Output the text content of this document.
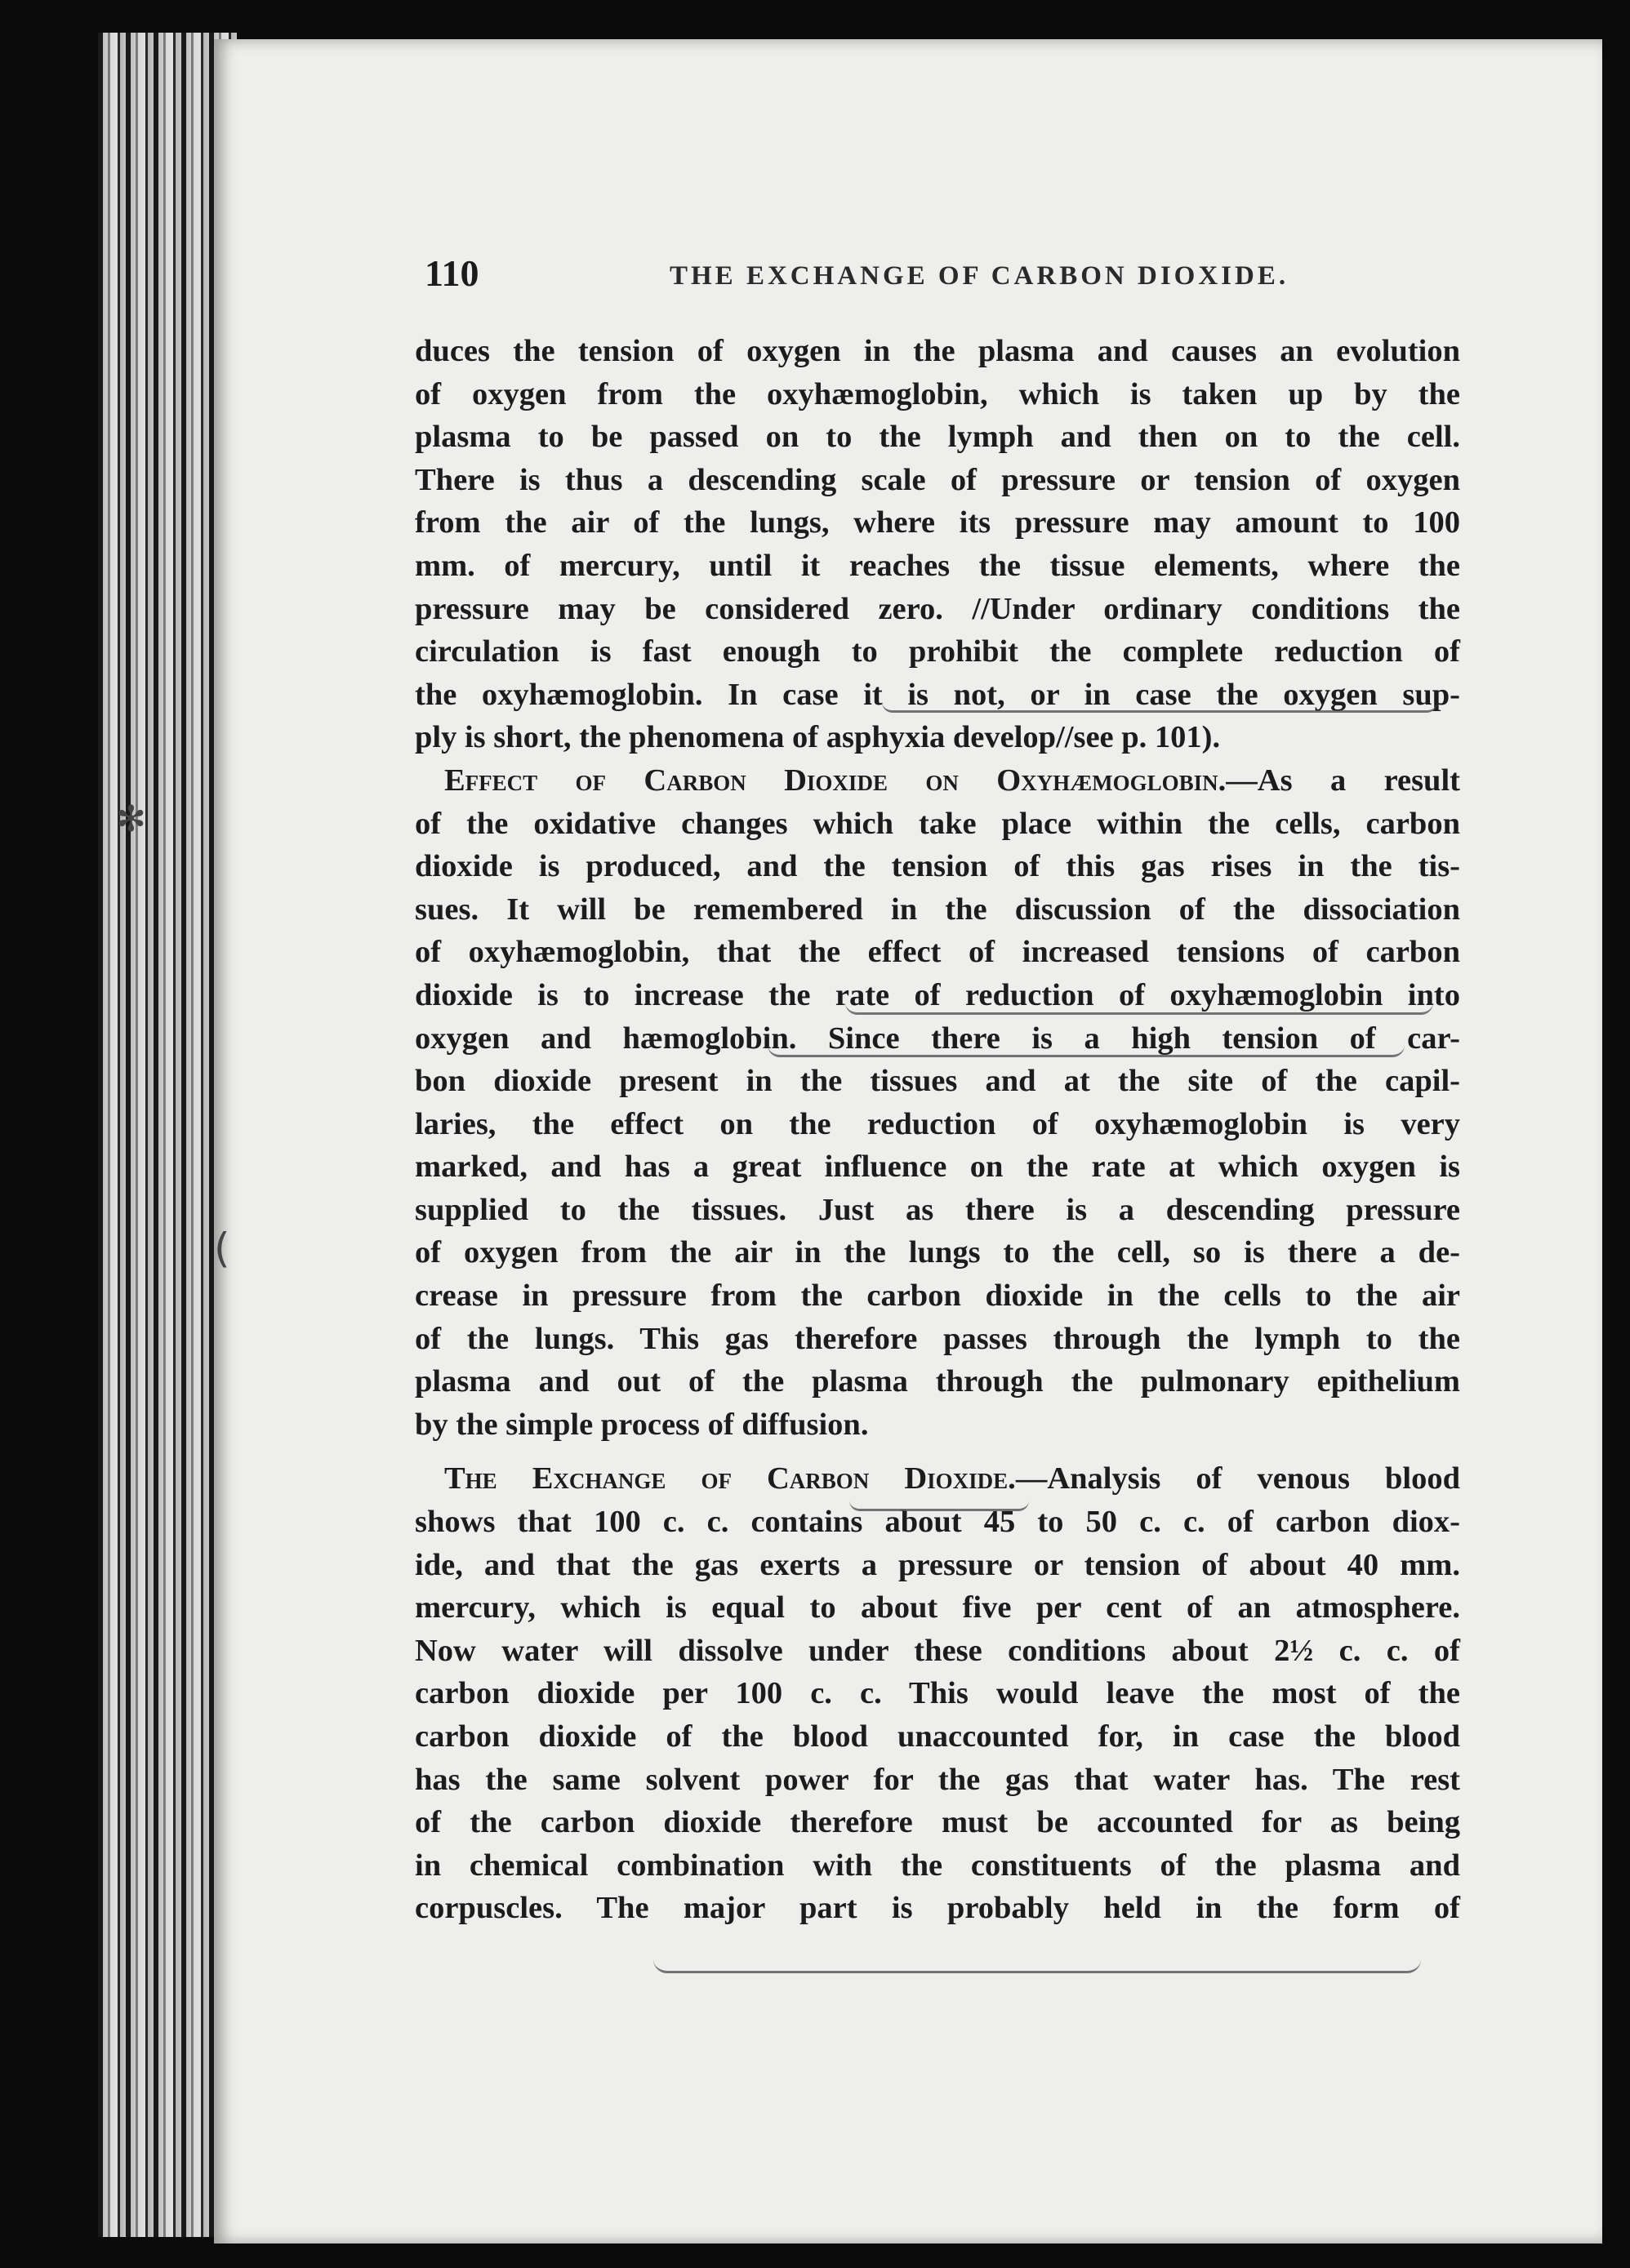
✻
110	THE EXCHANGE OF CARBON DIOXIDE.
duces the tension of oxygen in the plasma and causes an evolution
of oxygen from the oxyhæmoglobin, which is taken up by the
plasma to be passed on to the lymph and then on to the cell.
There is thus a descending scale of pressure or tension of oxygen
from the air of the lungs, where its pressure may amount to 100
mm. of mercury, until it reaches the tissue elements, where the
pressure may be considered zero. //Under ordinary conditions the
circulation is fast enough to prohibit the complete reduction of
the oxyhæmoglobin. In case it is not, or in case the oxygen sup-
ply is short, the phenomena of asphyxia develop//see p. 101).
Effect of Carbon Dioxide on Oxyhæmoglobin.—As a result
of the oxidative changes which take place within the cells, carbon
dioxide is produced, and the tension of this gas rises in the tis-
sues. It will be remembered in the discussion of the dissociation
of oxyhæmoglobin, that the effect of increased tensions of carbon
dioxide is to increase the rate of reduction of oxyhæmoglobin into
oxygen and hæmoglobin. Since there is a high tension of car-
bon dioxide present in the tissues and at the site of the capil-
laries, the effect on the reduction of oxyhæmoglobin is very
marked, and has a great influence on the rate at which oxygen is
supplied to the tissues. Just as there is a descending pressure
of oxygen from the air in the lungs to the cell, so is there a de-
crease in pressure from the carbon dioxide in the cells to the air
of the lungs. This gas therefore passes through the lymph to the
plasma and out of the plasma through the pulmonary epithelium
by the simple process of diffusion.
The Exchange of Carbon Dioxide.—Analysis of venous blood
shows that 100 c. c. contains about 45 to 50 c. c. of carbon diox-
ide, and that the gas exerts a pressure or tension of about 40 mm.
mercury, which is equal to about five per cent of an atmosphere.
Now water will dissolve under these conditions about 2½ c. c. of
carbon dioxide per 100 c. c. This would leave the most of the
carbon dioxide of the blood unaccounted for, in case the blood
has the same solvent power for the gas that water has. The rest
of the carbon dioxide therefore must be accounted for as being
in chemical combination with the constituents of the plasma and
corpuscles. The major part is probably held in the form of
(
